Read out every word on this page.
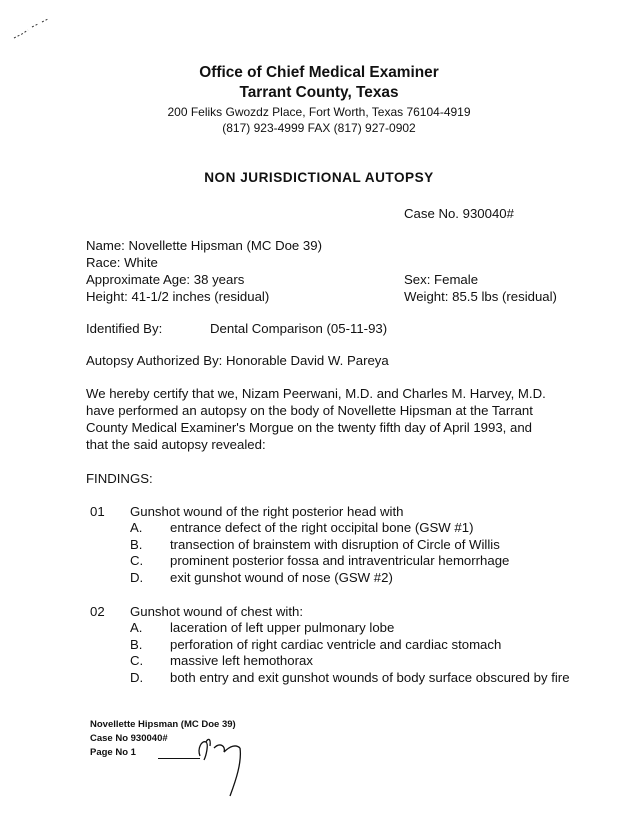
Office of Chief Medical Examiner
Tarrant County, Texas
200 Feliks Gwozdz Place, Fort Worth, Texas 76104-4919
(817) 923-4999 FAX (817) 927-0902
NON JURISDICTIONAL AUTOPSY
Case No. 930040#
Name: Novellette Hipsman (MC Doe 39)
Race: White
Approximate Age: 38 years	Sex: Female
Height: 41-1/2 inches (residual)	Weight: 85.5 lbs (residual)
Identified By:	Dental Comparison (05-11-93)
Autopsy Authorized By: Honorable David W. Pareya
We hereby certify that we, Nizam Peerwani, M.D. and Charles M. Harvey, M.D.
have performed an autopsy on the body of Novellette Hipsman at the Tarrant
County Medical Examiner's Morgue on the twenty fifth day of April 1993, and
that the said autopsy revealed:
FINDINGS:
01 Gunshot wound of the right posterior head with
A. entrance defect of the right occipital bone (GSW #1)
B. transection of brainstem with disruption of Circle of Willis
C. prominent posterior fossa and intraventricular hemorrhage
D. exit gunshot wound of nose (GSW #2)
02 Gunshot wound of chest with:
A. laceration of left upper pulmonary lobe
B. perforation of right cardiac ventricle and cardiac stomach
C. massive left hemothorax
D. both entry and exit gunshot wounds of body surface obscured by fire
Novellette Hipsman (MC Doe 39)
Case No 930040#
Page No 1
